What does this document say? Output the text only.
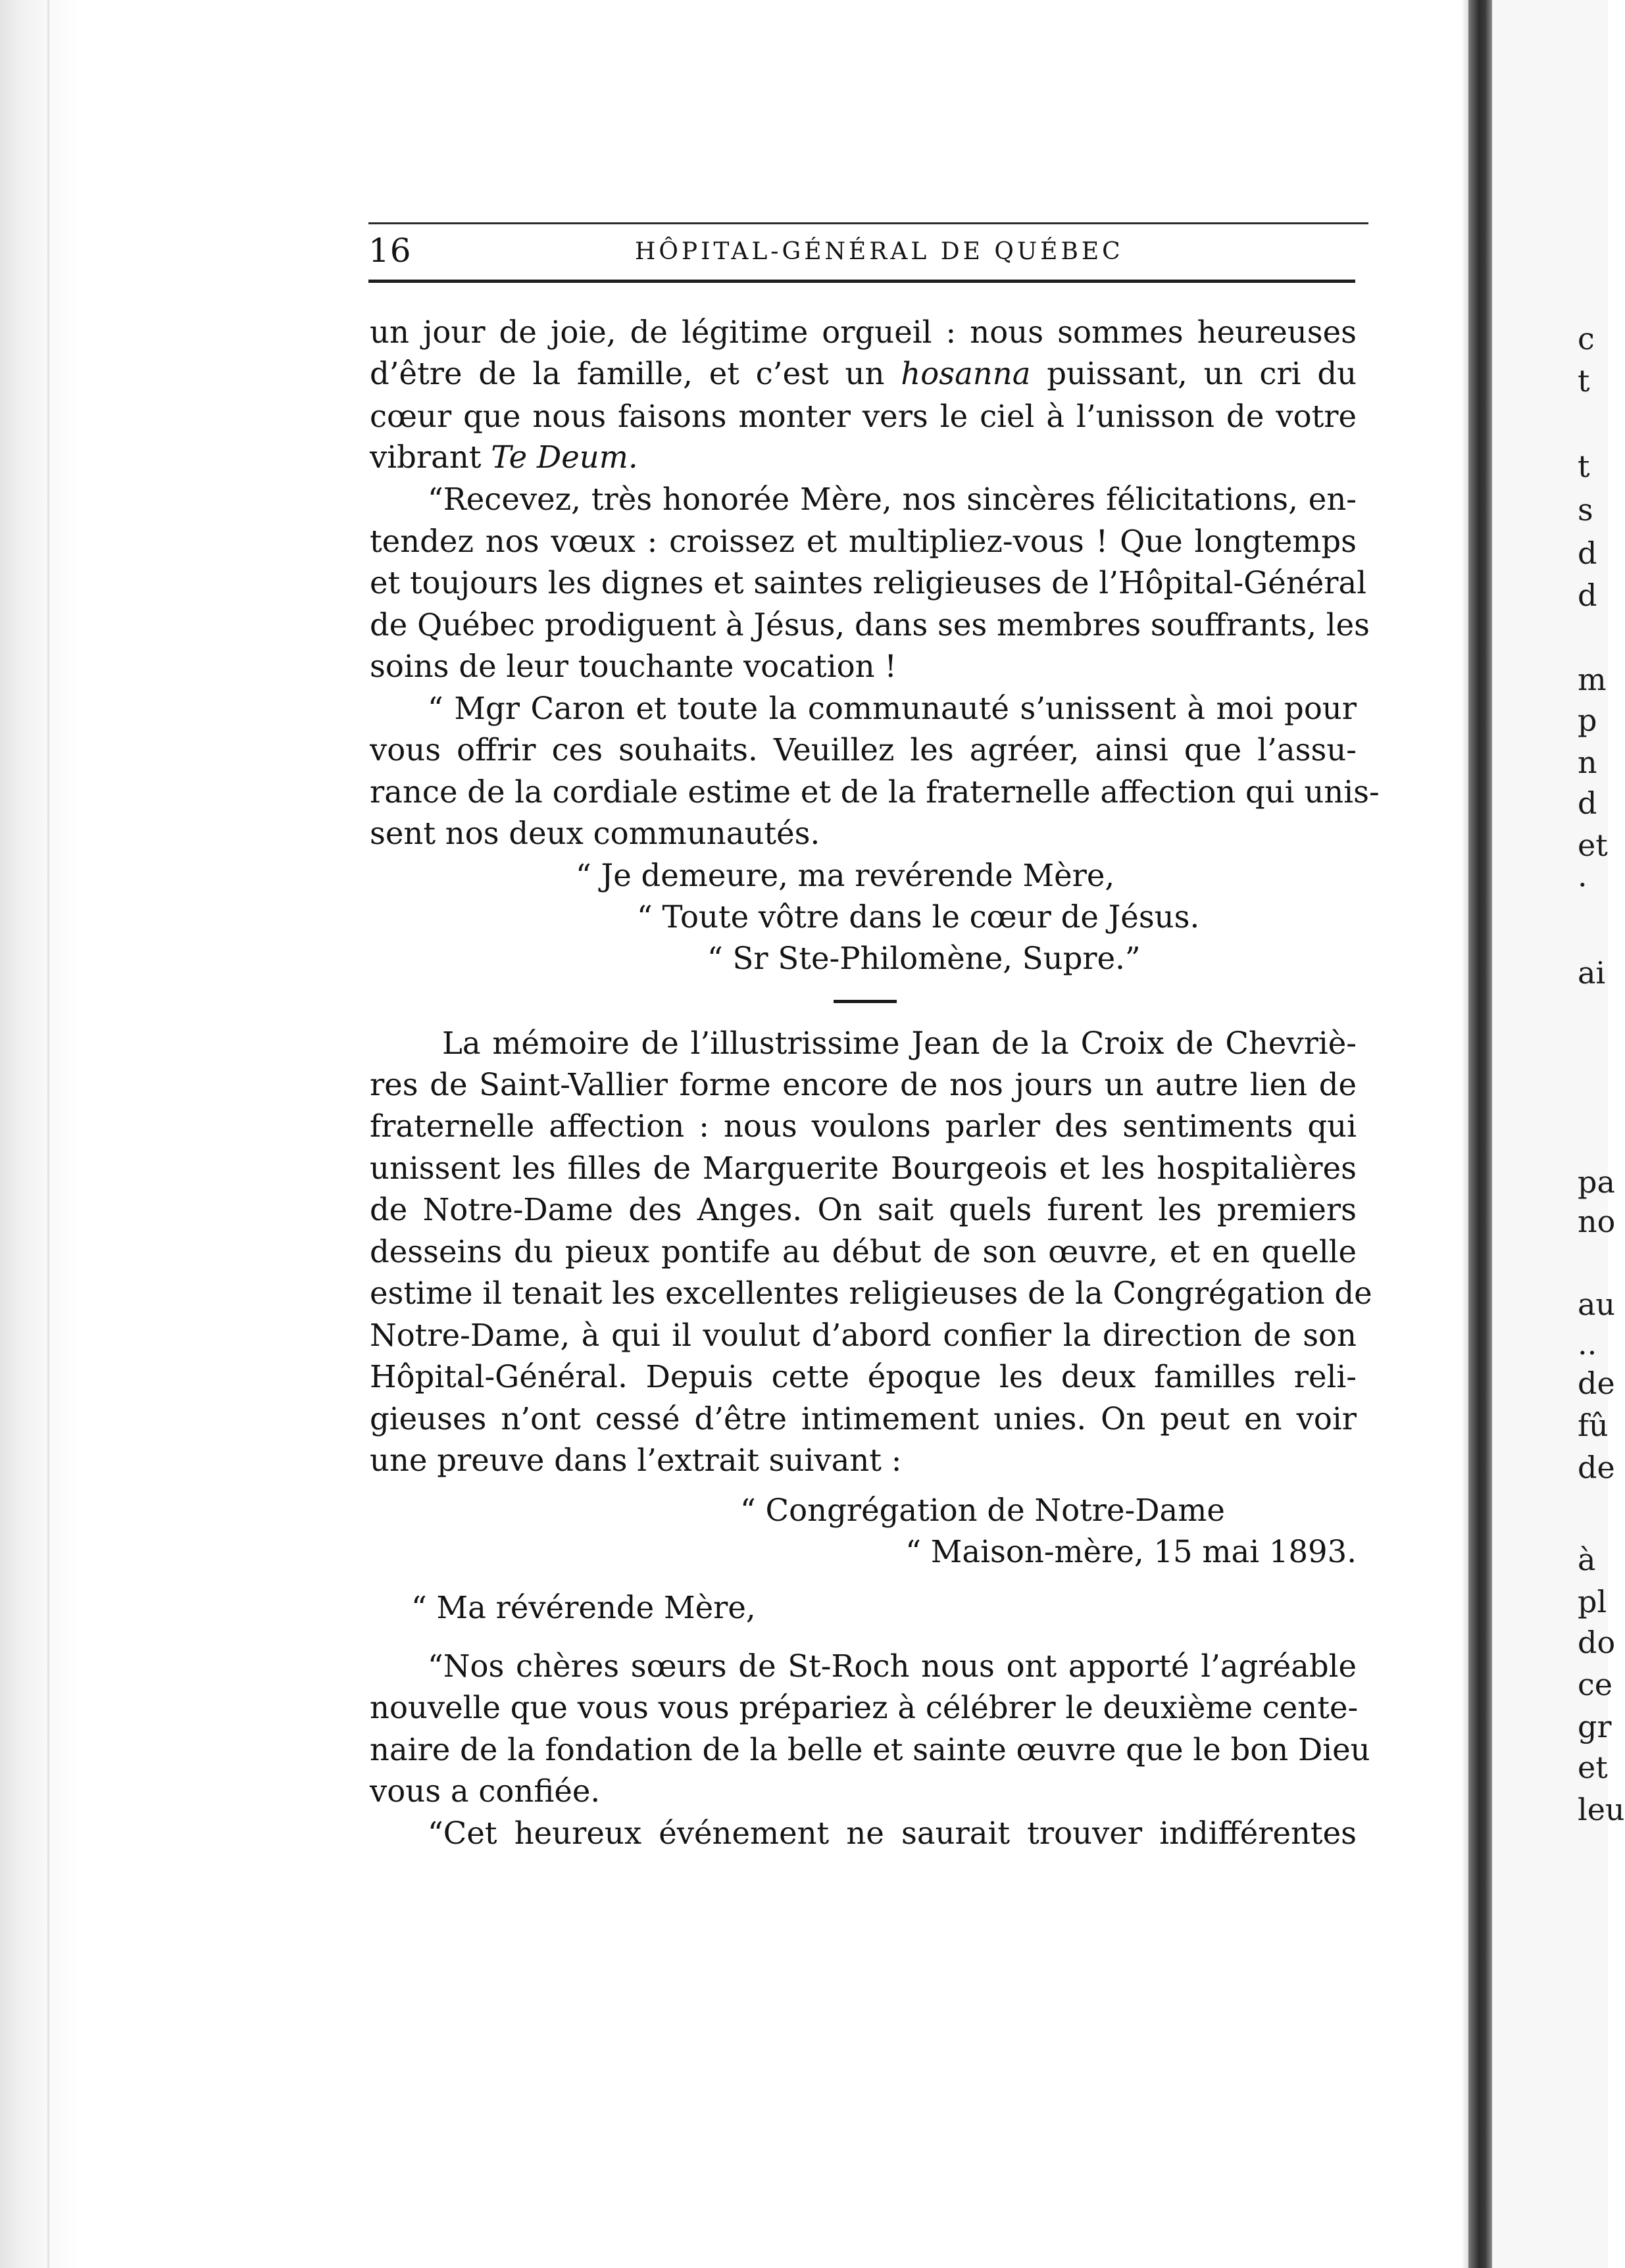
16	HÔPITAL-GÉNÉRAL DE QUÉBEC
un jour de joie, de légitime orgueil : nous sommes heureuses
d’être de la famille, et c’est un hosanna puissant, un cri du
cœur que nous faisons monter vers le ciel à l’unisson de votre
vibrant Te Deum.
“Recevez, très honorée Mère, nos sincères félicitations, en-
tendez nos vœux : croissez et multipliez-vous ! Que longtemps
et toujours les dignes et saintes religieuses de l’Hôpital-Général
de Québec prodiguent à Jésus, dans ses membres souffrants, les
soins de leur touchante vocation !
“ Mgr Caron et toute la communauté s’unissent à moi pour
vous offrir ces souhaits. Veuillez les agréer, ainsi que l’assu-
rance de la cordiale estime et de la fraternelle affection qui unis-
sent nos deux communautés.
“ Je demeure, ma revérende Mère,
“ Toute vôtre dans le cœur de Jésus.
“ Sr Ste-Philomène, Supre.”
La mémoire de l’illustrissime Jean de la Croix de Chevriè-
res de Saint-Vallier forme encore de nos jours un autre lien de
fraternelle affection : nous voulons parler des sentiments qui
unissent les filles de Marguerite Bourgeois et les hospitalières
de Notre-Dame des Anges. On sait quels furent les premiers
desseins du pieux pontife au début de son œuvre, et en quelle
estime il tenait les excellentes religieuses de la Congrégation de
Notre-Dame, à qui il voulut d’abord confier la direction de son
Hôpital-Général. Depuis cette époque les deux familles reli-
gieuses n’ont cessé d’être intimement unies. On peut en voir
une preuve dans l’extrait suivant :
“ Congrégation de Notre-Dame
“ Maison-mère, 15 mai 1893.
“ Ma révérende Mère,
“Nos chères sœurs de St-Roch nous ont apporté l’agréable
nouvelle que vous vous prépariez à célébrer le deuxième cente-
naire de la fondation de la belle et sainte œuvre que le bon Dieu
vous a confiée.
“Cet heureux événement ne saurait trouver indifférentes
c
t
t
s
d
d
m
p
n
d
et
·
ai
pa
no
au
..
de
fû
de
à
pl
do
ce
gr
et
leu
